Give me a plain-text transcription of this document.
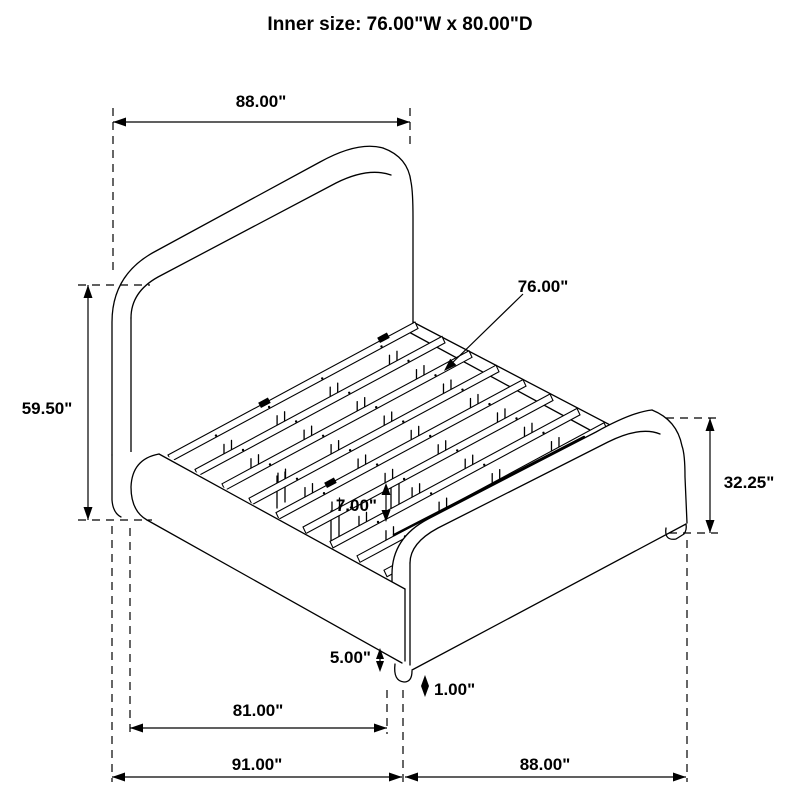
88.00"
59.50"
76.00"
32.25"
7.00"
5.00"
1.00"
81.00"
91.00"	88.00"
Inner size: 76.00"W x 80.00"D
